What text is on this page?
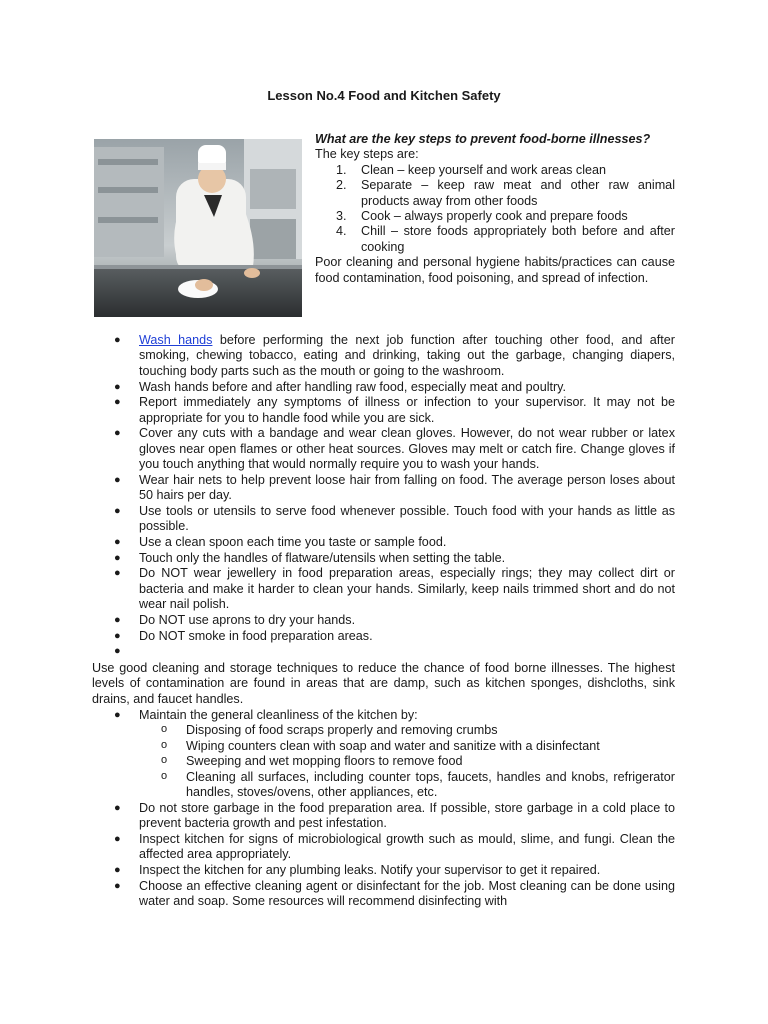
Lesson No.4 Food and Kitchen Safety
What are the key steps to prevent food-borne illnesses?
The key steps are:
1.	Clean – keep yourself and work areas clean
2.	Separate – keep raw meat and other raw animal products away from other foods
3.	Cook – always properly cook and prepare foods
4.	Chill – store foods appropriately both before and after cooking
Poor cleaning and personal hygiene habits/practices can cause food contamination, food poisoning, and spread of infection.
● Wash hands before performing the next job function after touching other food, and after smoking, chewing tobacco, eating and drinking, taking out the garbage, changing diapers, touching body parts such as the mouth or going to the washroom.
● Wash hands before and after handling raw food, especially meat and poultry.
● Report immediately any symptoms of illness or infection to your supervisor. It may not be appropriate for you to handle food while you are sick.
● Cover any cuts with a bandage and wear clean gloves. However, do not wear rubber or latex gloves near open flames or other heat sources. Gloves may melt or catch fire. Change gloves if you touch anything that would normally require you to wash your hands.
● Wear hair nets to help prevent loose hair from falling on food. The average person loses about 50 hairs per day.
● Use tools or utensils to serve food whenever possible. Touch food with your hands as little as possible.
● Use a clean spoon each time you taste or sample food.
● Touch only the handles of flatware/utensils when setting the table.
● Do NOT wear jewellery in food preparation areas, especially rings; they may collect dirt or bacteria and make it harder to clean your hands. Similarly, keep nails trimmed short and do not wear nail polish.
● Do NOT use aprons to dry your hands.
● Do NOT smoke in food preparation areas.
●
Use good cleaning and storage techniques to reduce the chance of food borne illnesses. The highest levels of contamination are found in areas that are damp, such as kitchen sponges, dishcloths, sink drains, and faucet handles.
● Maintain the general cleanliness of the kitchen by:
o Disposing of food scraps properly and removing crumbs
o Wiping counters clean with soap and water and sanitize with a disinfectant
o Sweeping and wet mopping floors to remove food
o Cleaning all surfaces, including counter tops, faucets, handles and knobs, refrigerator handles, stoves/ovens, other appliances, etc.
● Do not store garbage in the food preparation area. If possible, store garbage in a cold place to prevent bacteria growth and pest infestation.
● Inspect kitchen for signs of microbiological growth such as mould, slime, and fungi. Clean the affected area appropriately.
● Inspect the kitchen for any plumbing leaks. Notify your supervisor to get it repaired.
● Choose an effective cleaning agent or disinfectant for the job. Most cleaning can be done using water and soap. Some resources will recommend disinfecting with
